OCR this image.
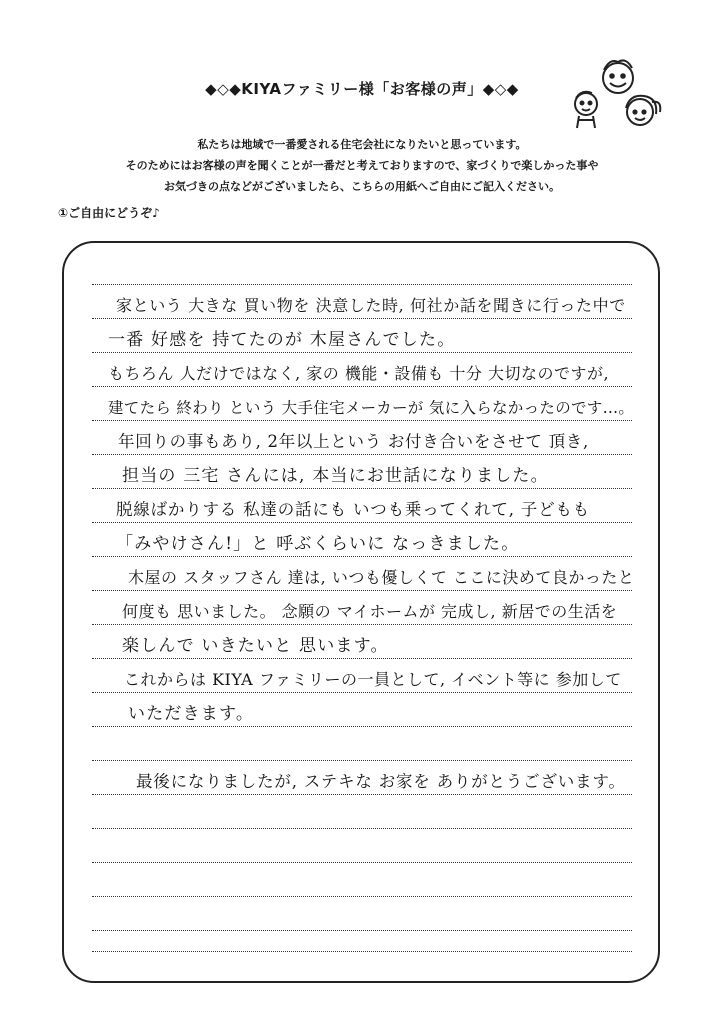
◆◇◆KIYAファミリー様「お客様の声」◆◇◆
私たちは地域で一番愛される住宅会社になりたいと思っています。
そのためにはお客様の声を聞くことが一番だと考えておりますので、家づくりで楽しかった事や
お気づきの点などがございましたら、こちらの用紙へご自由にご記入ください。
①ご自由にどうぞ♪
家という 大きな 買い物を 決意した時, 何社か話を聞きに行った中で
一番 好感を 持てたのが 木屋さんでした。
もちろん 人だけではなく, 家の 機能・設備も 十分 大切なのですが,
建てたら 終わり という 大手住宅メーカーが 気に入らなかったのです…。
年回りの事もあり, 2年以上という お付き合いをさせて 頂き,
担当の 三宅 さんには, 本当にお世話になりました。
脱線ばかりする 私達の話にも いつも乗ってくれて, 子どもも
「みやけさん!」と 呼ぶくらいに なっきました。
木屋の スタッフさん 達は, いつも優しくて ここに決めて良かったと
何度も 思いました。 念願の マイホームが 完成し, 新居での生活を
楽しんで いきたいと 思います。
これからは KIYA ファミリーの一員として, イベント等に 参加して
いただきます。
最後になりましたが, ステキな お家を ありがとうございます。
